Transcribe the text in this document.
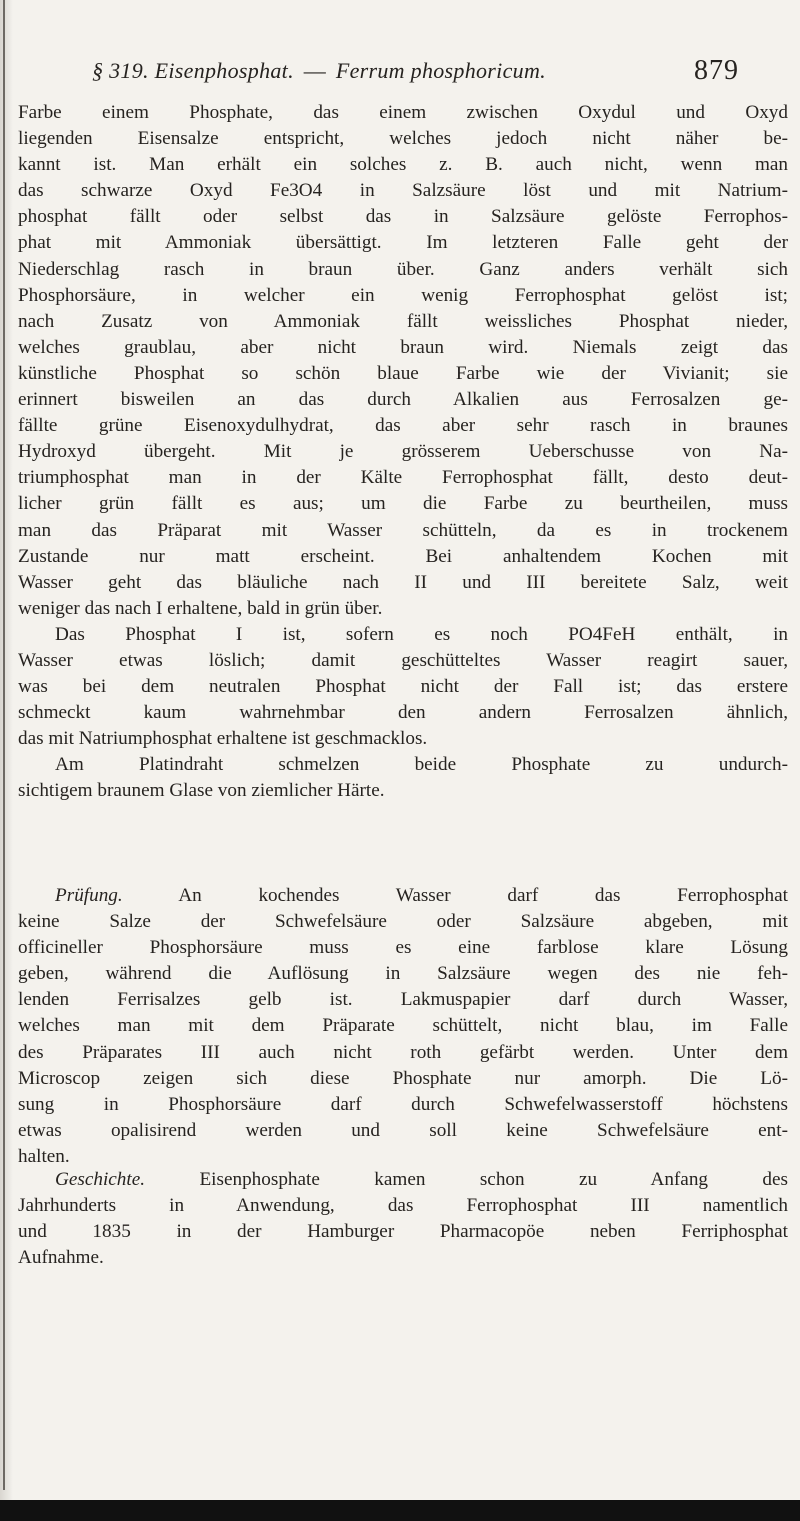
§ 319. Eisenphosphat. — Ferrum phosphoricum.	879
Farbe einem Phosphate, das einem zwischen Oxydul und Oxyd
liegenden Eisensalze entspricht, welches jedoch nicht näher be-
kannt ist. Man erhält ein solches z. B. auch nicht, wenn man
das schwarze Oxyd Fe3O4 in Salzsäure löst und mit Natrium-
phosphat fällt oder selbst das in Salzsäure gelöste Ferrophos-
phat mit Ammoniak übersättigt. Im letzteren Falle geht der
Niederschlag rasch in braun über. Ganz anders verhält sich
Phosphorsäure, in welcher ein wenig Ferrophosphat gelöst ist;
nach Zusatz von Ammoniak fällt weissliches Phosphat nieder,
welches graublau, aber nicht braun wird. Niemals zeigt das
künstliche Phosphat so schön blaue Farbe wie der Vivianit; sie
erinnert bisweilen an das durch Alkalien aus Ferrosalzen ge-
fällte grüne Eisenoxydulhydrat, das aber sehr rasch in braunes
Hydroxyd übergeht. Mit je grösserem Ueberschusse von Na-
triumphosphat man in der Kälte Ferrophosphat fällt, desto deut-
licher grün fällt es aus; um die Farbe zu beurtheilen, muss
man das Präparat mit Wasser schütteln, da es in trockenem
Zustande nur matt erscheint. Bei anhaltendem Kochen mit
Wasser geht das bläuliche nach II und III bereitete Salz, weit
weniger das nach I erhaltene, bald in grün über.
Das Phosphat I ist, sofern es noch PO4FeH enthält, in
Wasser etwas löslich; damit geschütteltes Wasser reagirt sauer,
was bei dem neutralen Phosphat nicht der Fall ist; das erstere
schmeckt kaum wahrnehmbar den andern Ferrosalzen ähnlich,
das mit Natriumphosphat erhaltene ist geschmacklos.
Am Platindraht schmelzen beide Phosphate zu undurch-
sichtigem braunem Glase von ziemlicher Härte.
Prüfung.	An kochendes Wasser darf das Ferrophosphat
keine Salze der Schwefelsäure oder Salzsäure abgeben, mit
officineller Phosphorsäure muss es eine farblose klare Lösung
geben, während die Auflösung in Salzsäure wegen des nie feh-
lenden Ferrisalzes gelb ist. Lakmuspapier darf durch Wasser,
welches man mit dem Präparate schüttelt, nicht blau, im Falle
des Präparates III auch nicht roth gefärbt werden. Unter dem
Microscop zeigen sich diese Phosphate nur amorph. Die Lö-
sung in Phosphorsäure darf durch Schwefelwasserstoff höchstens
etwas opalisirend werden und soll keine Schwefelsäure ent-
halten.
Geschichte.	Eisenphosphate kamen schon zu Anfang des
Jahrhunderts in Anwendung, das Ferrophosphat III namentlich
und 1835 in der Hamburger Pharmacopöe neben Ferriphosphat
Aufnahme.
